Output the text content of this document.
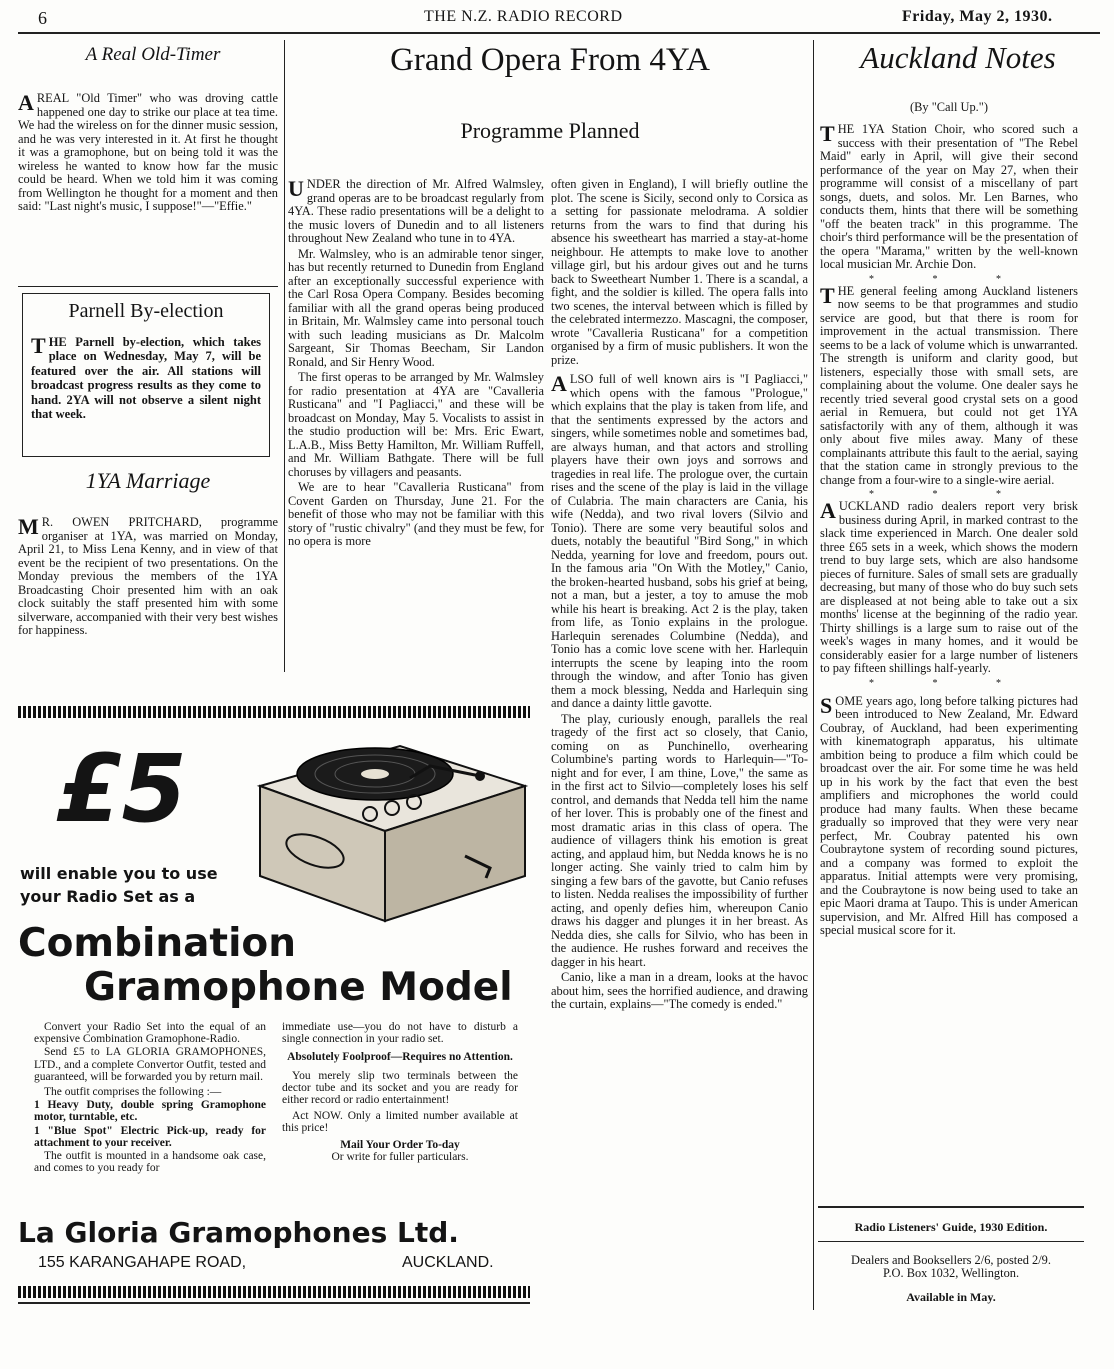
6	THE N.Z. RADIO RECORD	Friday, May 2, 1930.
A Real Old-Timer

AREAL "Old Timer" who was droving cattle happened one day to strike our place at tea time. We had the wireless on for the dinner music session, and he was very interested in it. At first he thought it was a gramophone, but on being told it was the wireless he wanted to know how far the music could be heard. When we told him it was coming from Wellington he thought for a moment and then said: "Last night's music, I suppose!"—"Effie."

Parnell By-election

THE Parnell by-election, which takes place on Wednesday, May 7, will be featured over the air. All stations will broadcast progress results as they come to hand. 2YA will not observe a silent night that week.

1YA Marriage

MR. OWEN PRITCHARD, programme organiser at 1YA, was married on Monday, April 21, to Miss Lena Kenny, and in view of that event be the recipient of two presentations. On the Monday previous the members of the 1YA Broadcasting Choir presented him with an oak clock suitably the staff presented him with some silverware, accompanied with their very best wishes for happiness.

Grand Opera From 4YA
Programme Planned

UNDER the direction of Mr. Alfred Walmsley, grand operas are to be broadcast regularly from 4YA. These radio presentations will be a delight to the music lovers of Dunedin and to all listeners throughout New Zealand who tune in to 4YA.

Mr. Walmsley, who is an admirable tenor singer, has but recently returned to Dunedin from England after an exceptionally successful experience with the Carl Rosa Opera Company. Besides becoming familiar with all the grand operas being produced in Britain, Mr. Walmsley came into personal touch with such leading musicians as Dr. Malcolm Sargeant, Sir Thomas Beecham, Sir Landon Ronald, and Sir Henry Wood.

The first operas to be arranged by Mr. Walmsley for radio presentation at 4YA are "Cavalleria Rusticana" and "I Pagliacci," and these will be broadcast on Monday, May 5. Vocalists to assist in the studio production will be: Mrs. Eric Ewart, L.A.B., Miss Betty Hamilton, Mr. William Ruffell, and Mr. William Bathgate. There will be full choruses by villagers and peasants.

We are to hear "Cavalleria Rusticana" from Covent Garden on Thursday, June 21. For the benefit of those who may not be familiar with this story of "rustic chivalry" (and they must be few, for no opera is more

often given in England), I will briefly outline the plot. The scene is Sicily, second only to Corsica as a setting for passionate melodrama. A soldier returns from the wars to find that during his absence his sweetheart has married a stay-at-home neighbour. He attempts to make love to another village girl, but his ardour gives out and he turns back to Sweetheart Number 1. There is a scandal, a fight, and the soldier is killed. The opera falls into two scenes, the interval between which is filled by the celebrated intermezzo. Mascagni, the composer, wrote "Cavalleria Rusticana" for a competition organised by a firm of music publishers. It won the prize.

ALSO full of well known airs is "I Pagliacci," which opens with the famous "Prologue," which explains that the play is taken from life, and that the sentiments expressed by the actors and singers, while sometimes noble and sometimes bad, are always human, and that actors and strolling players have their own joys and sorrows and tragedies in real life. The prologue over, the curtain rises and the scene of the play is laid in the village of Culabria. The main characters are Cania, his wife (Nedda), and two rival lovers (Silvio and Tonio). There are some very beautiful solos and duets, notably the beautiful "Bird Song," in which Nedda, yearning for love and freedom, pours out. In the famous aria "On With the Motley," Canio, the broken-hearted husband, sobs his grief at being, not a man, but a jester, a toy to amuse the mob while his heart is breaking. Act 2 is the play, taken from life, as Tonio explains in the prologue. Harlequin serenades Columbine (Nedda), and Tonio has a comic love scene with her. Harlequin interrupts the scene by leaping into the room through the window, and after Tonio has given them a mock blessing, Nedda and Harlequin sing and dance a dainty little gavotte.

The play, curiously enough, parallels the real tragedy of the first act so closely, that Canio, coming on as Punchinello, overhearing Columbine's parting words to Harlequin—"To-night and for ever, I am thine, Love," the same as in the first act to Silvio—completely loses his self control, and demands that Nedda tell him the name of her lover. This is probably one of the finest and most dramatic arias in this class of opera. The audience of villagers think his emotion is great acting, and applaud him, but Nedda knows he is no longer acting. She vainly tried to calm him by singing a few bars of the gavotte, but Canio refuses to listen. Nedda realises the impossibility of further acting, and openly defies him, whereupon Canio draws his dagger and plunges it in her breast. As Nedda dies, she calls for Silvio, who has been in the audience. He rushes forward and receives the dagger in his heart.

Canio, like a man in a dream, looks at the havoc about him, sees the horrified audience, and drawing the curtain, explains—"The comedy is ended."

£5
will enable you to use your Radio Set as a
Combination
Gramophone Model

Convert your Radio Set into the equal of an expensive Combination Gramophone-Radio.

Send £5 to LA GLORIA GRAMOPHONES, LTD., and a complete Convertor Outfit, tested and guaranteed, will be forwarded you by return mail.

The outfit comprises the following :—

1 Heavy Duty, double spring Gramophone motor, turntable, etc.

1 "Blue Spot" Electric Pick-up, ready for attachment to your receiver.

The outfit is mounted in a handsome oak case, and comes to you ready for

immediate use—you do not have to disturb a single connection in your radio set.

Absolutely Foolproof—Requires no Attention.

You merely slip two terminals between the dector tube and its socket and you are ready for either record or radio entertainment!

Act NOW. Only a limited number available at this price!

Mail Your Order To-day

Or write for fuller particulars.

La Gloria Gramophones Ltd.
155 KARANGAHAPE ROAD,	AUCKLAND.
Auckland Notes
(By "Call Up.")

THE 1YA Station Choir, who scored such a success with their presentation of "The Rebel Maid" early in April, will give their second performance of the year on May 27, when their programme will consist of a miscellany of part songs, duets, and solos. Mr. Len Barnes, who conducts them, hints that there will be something "off the beaten track" in this programme. The choir's third performance will be the presentation of the opera "Marama," written by the well-known local musician Mr. Archie Don.

* * *

THE general feeling among Auckland listeners now seems to be that programmes and studio service are good, but that there is room for improvement in the actual transmission. There seems to be a lack of volume which is unwarranted. The strength is uniform and clarity good, but listeners, especially those with small sets, are complaining about the volume. One dealer says he recently tried several good crystal sets on a good aerial in Remuera, but could not get 1YA satisfactorily with any of them, although it was only about five miles away. Many of these complainants attribute this fault to the aerial, saying that the station came in strongly previous to the change from a four-wire to a single-wire aerial.

* * *

AUCKLAND radio dealers report very brisk business during April, in marked contrast to the slack time experienced in March. One dealer sold three £65 sets in a week, which shows the modern trend to buy large sets, which are also handsome pieces of furniture. Sales of small sets are gradually decreasing, but many of those who do buy such sets are displeased at not being able to take out a six months' license at the beginning of the radio year. Thirty shillings is a large sum to raise out of the week's wages in many homes, and it would be considerably easier for a large number of listeners to pay fifteen shillings half-yearly.

* * *

SOME years ago, long before talking pictures had been introduced to New Zealand, Mr. Edward Coubray, of Auckland, had been experimenting with kinematograph apparatus, his ultimate ambition being to produce a film which could be broadcast over the air. For some time he was held up in his work by the fact that even the best amplifiers and microphones the world could produce had many faults. When these became gradually so improved that they were very near perfect, Mr. Coubray patented his own Coubraytone system of recording sound pictures, and a company was formed to exploit the apparatus. Initial attempts were very promising, and the Coubraytone is now being used to take an epic Maori drama at Taupo. This is under American supervision, and Mr. Alfred Hill has composed a special musical score for it.

Radio Listeners' Guide, 1930 Edition.
Dealers and Booksellers 2/6, posted 2/9.
P.O. Box 1032, Wellington.
Available in May.
